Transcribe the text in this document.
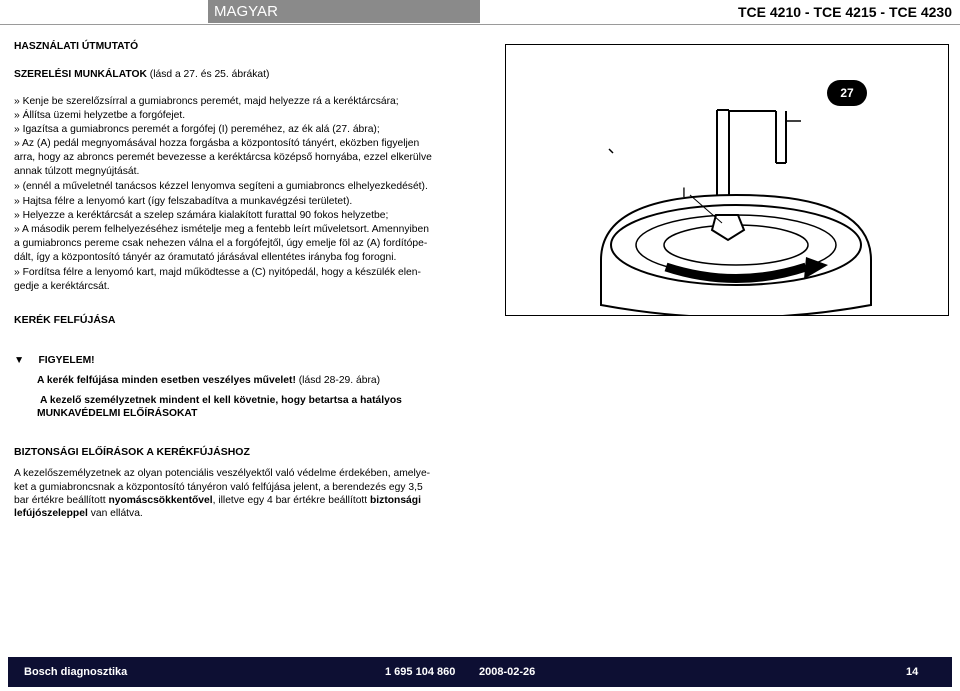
MAGYAR	TCE 4210 - TCE 4215 - TCE 4230
HASZNÁLATI ÚTMUTATÓ
SZERELÉSI MUNKÁLATOK (lásd a 27. és 25. ábrákat)
» Kenje be szerelőzsírral a gumiabroncs peremét, majd helyezze rá a keréktárcsára;
» Állítsa üzemi helyzetbe a forgófejet.
» Igazítsa a gumiabroncs peremét a forgófej (I) pereméhez, az ék alá (27. ábra);
» Az (A) pedál megnyomásával hozza forgásba a központosító tányért, eközben figyeljen
arra, hogy az abroncs peremét bevezesse a keréktárcsa középső hornyába, ezzel elkerülve
annak túlzott megnyújtását.
» (ennél a műveletnél tanácsos kézzel lenyomva segíteni a gumiabroncs elhelyezkedését).
» Hajtsa félre a lenyomó kart (így felszabadítva a munkavégzési területet).
» Helyezze a keréktárcsát a szelep számára kialakított furattal 90 fokos helyzetbe;
» A második perem felhelyezéséhez ismételje meg a fentebb leírt műveletsort. Amennyiben
a gumiabroncs pereme csak nehezen válna el a forgófejtől, úgy emelje föl az (A) fordítópe-
dált, így a központosító tányér az óramutató járásával ellentétes irányba fog forogni.
» Fordítsa félre a lenyomó kart, majd működtesse a (C) nyitópedál, hogy a készülék elen-
gedje a keréktárcsát.
I
27
KERÉK FELFÚJÁSA
▼ FIGYELEM!
A kerék felfújása minden esetben veszélyes művelet! (lásd 28-29. ábra)
A kezelő személyzetnek mindent el kell követnie, hogy betartsa a hatályos
MUNKAVÉDELMI ELŐÍRÁSOKAT
BIZTONSÁGI ELŐÍRÁSOK A KERÉKFÚJÁSHOZ
A kezelőszemélyzetnek az olyan potenciális veszélyektől való védelme érdekében, amelye-
ket a gumiabroncsnak a központosító tányéron való felfújása jelent, a berendezés egy 3,5
bar értékre beállított nyomáscsökkentővel, illetve egy 4 bar értékre beállított biztonsági
lefújószeleppel van ellátva.
Bosch diagnosztika	1 695 104 860 2008-02-26	14
